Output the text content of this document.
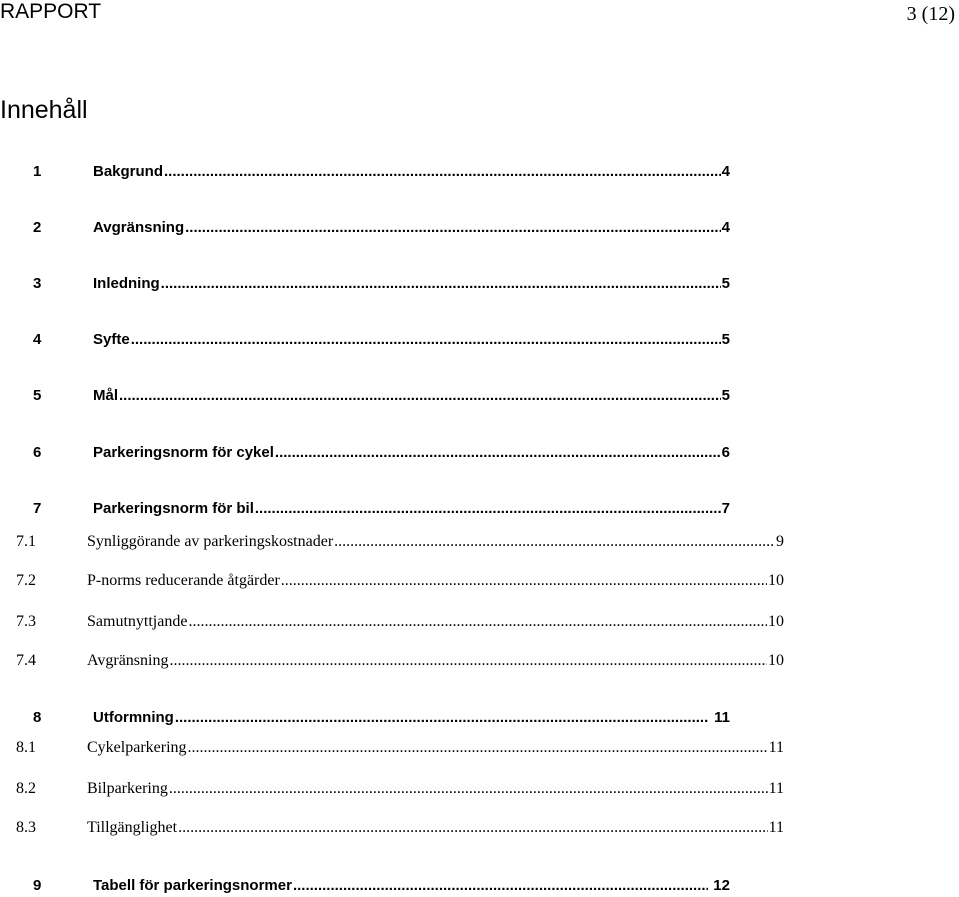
RAPPORT	3 (12)
Innehåll
1	Bakgrund .....	4
2	Avgränsning .....	4
3	Inledning .....	5
4	Syfte .....	5
5	Mål .....	5
6	Parkeringsnorm för cykel .....	6
7	Parkeringsnorm för bil .....	7
7.1	Synliggörande av parkeringskostnader .....	9
7.2	P-norms reducerande åtgärder .....	10
7.3	Samutnyttjande .....	10
7.4	Avgränsning .....	10
8	Utformning .....	11
8.1	Cykelparkering .....	11
8.2	Bilparkering .....	11
8.3	Tillgänglighet .....	11
9	Tabell för parkeringsnormer .....	12
